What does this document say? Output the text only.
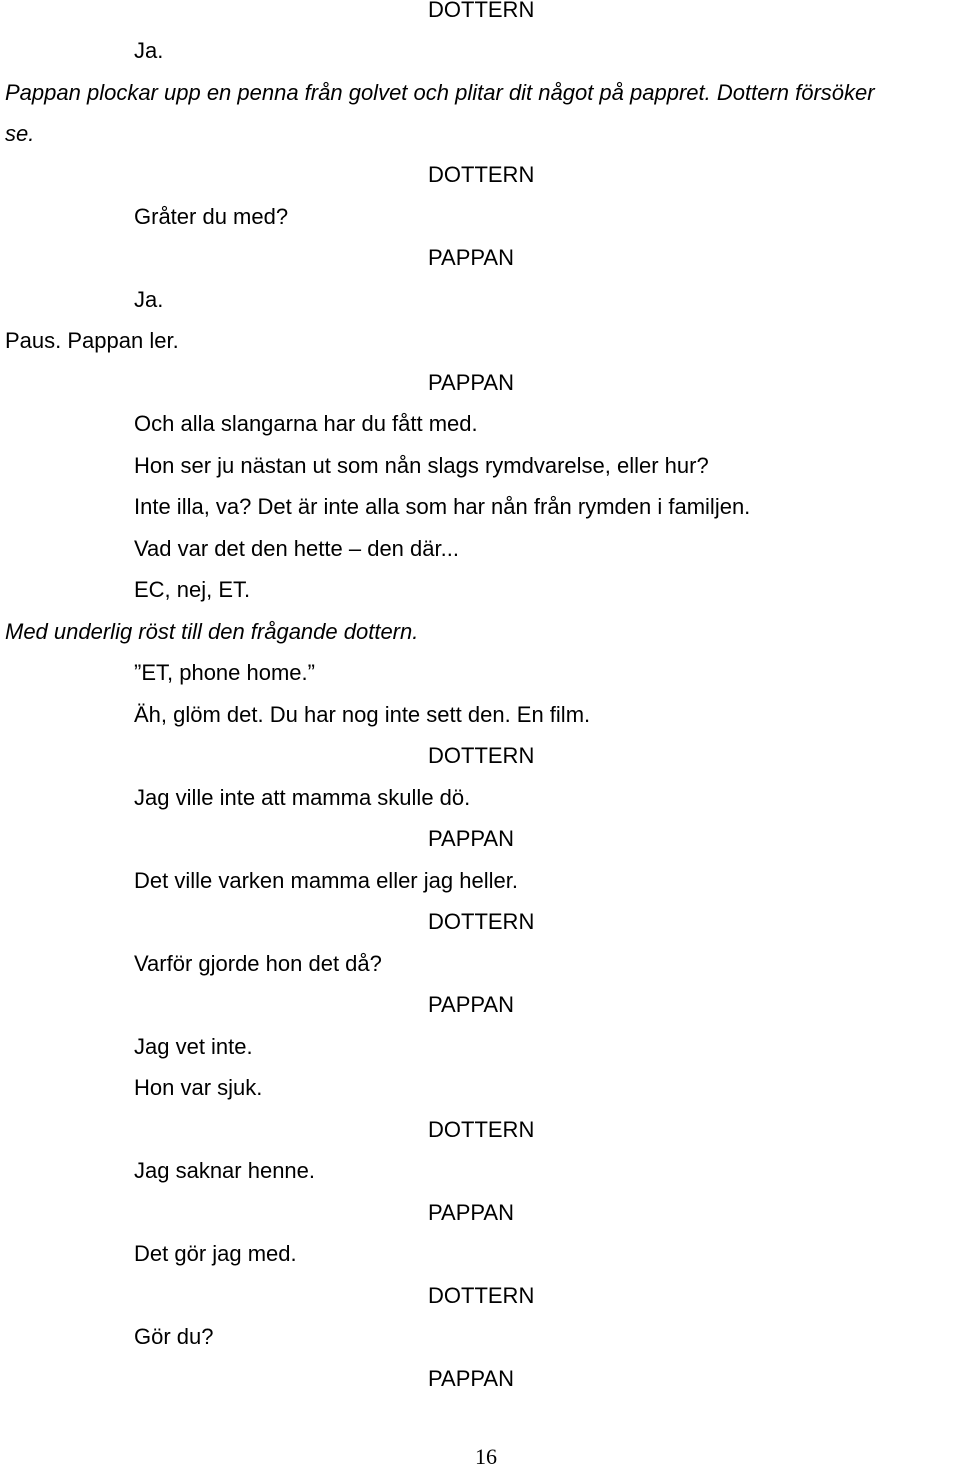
DOTTERN
Ja.
Pappan plockar upp en penna från golvet och plitar dit något på pappret. Dottern försöker
se.
DOTTERN
Gråter du med?
PAPPAN
Ja.
Paus. Pappan ler.
PAPPAN
Och alla slangarna har du fått med.
Hon ser ju nästan ut som nån slags rymdvarelse, eller hur?
Inte illa, va? Det är inte alla som har nån från rymden i familjen.
Vad var det den hette – den där...
EC, nej, ET.
Med underlig röst till den frågande dottern.
”ET, phone home.”
Äh, glöm det. Du har nog inte sett den. En film.
DOTTERN
Jag ville inte att mamma skulle dö.
PAPPAN
Det ville varken mamma eller jag heller.
DOTTERN
Varför gjorde hon det då?
PAPPAN
Jag vet inte.
Hon var sjuk.
DOTTERN
Jag saknar henne.
PAPPAN
Det gör jag med.
DOTTERN
Gör du?
PAPPAN
16
